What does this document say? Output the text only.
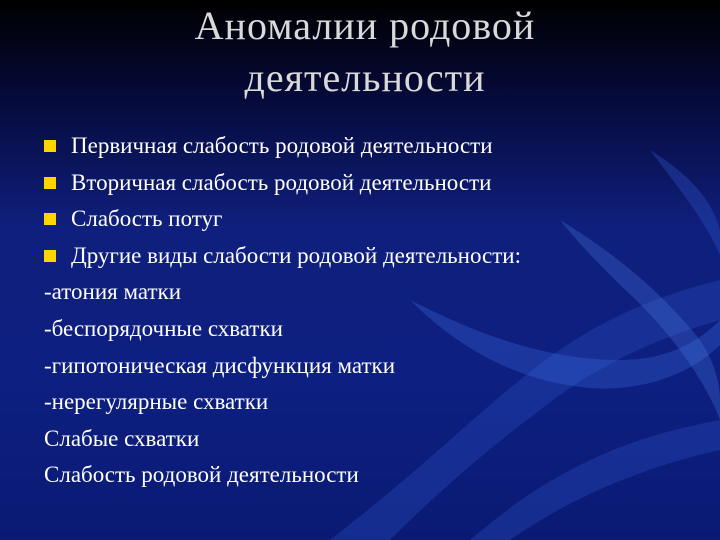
Аномалии родовой
деятельности
Первичная слабость родовой деятельности
Вторичная слабость родовой деятельности
Слабость потуг
Другие виды слабости родовой деятельности:
-атония матки
-беспорядочные схватки
-гипотоническая дисфункция матки
-нерегулярные схватки
Слабые схватки
Слабость родовой деятельности
